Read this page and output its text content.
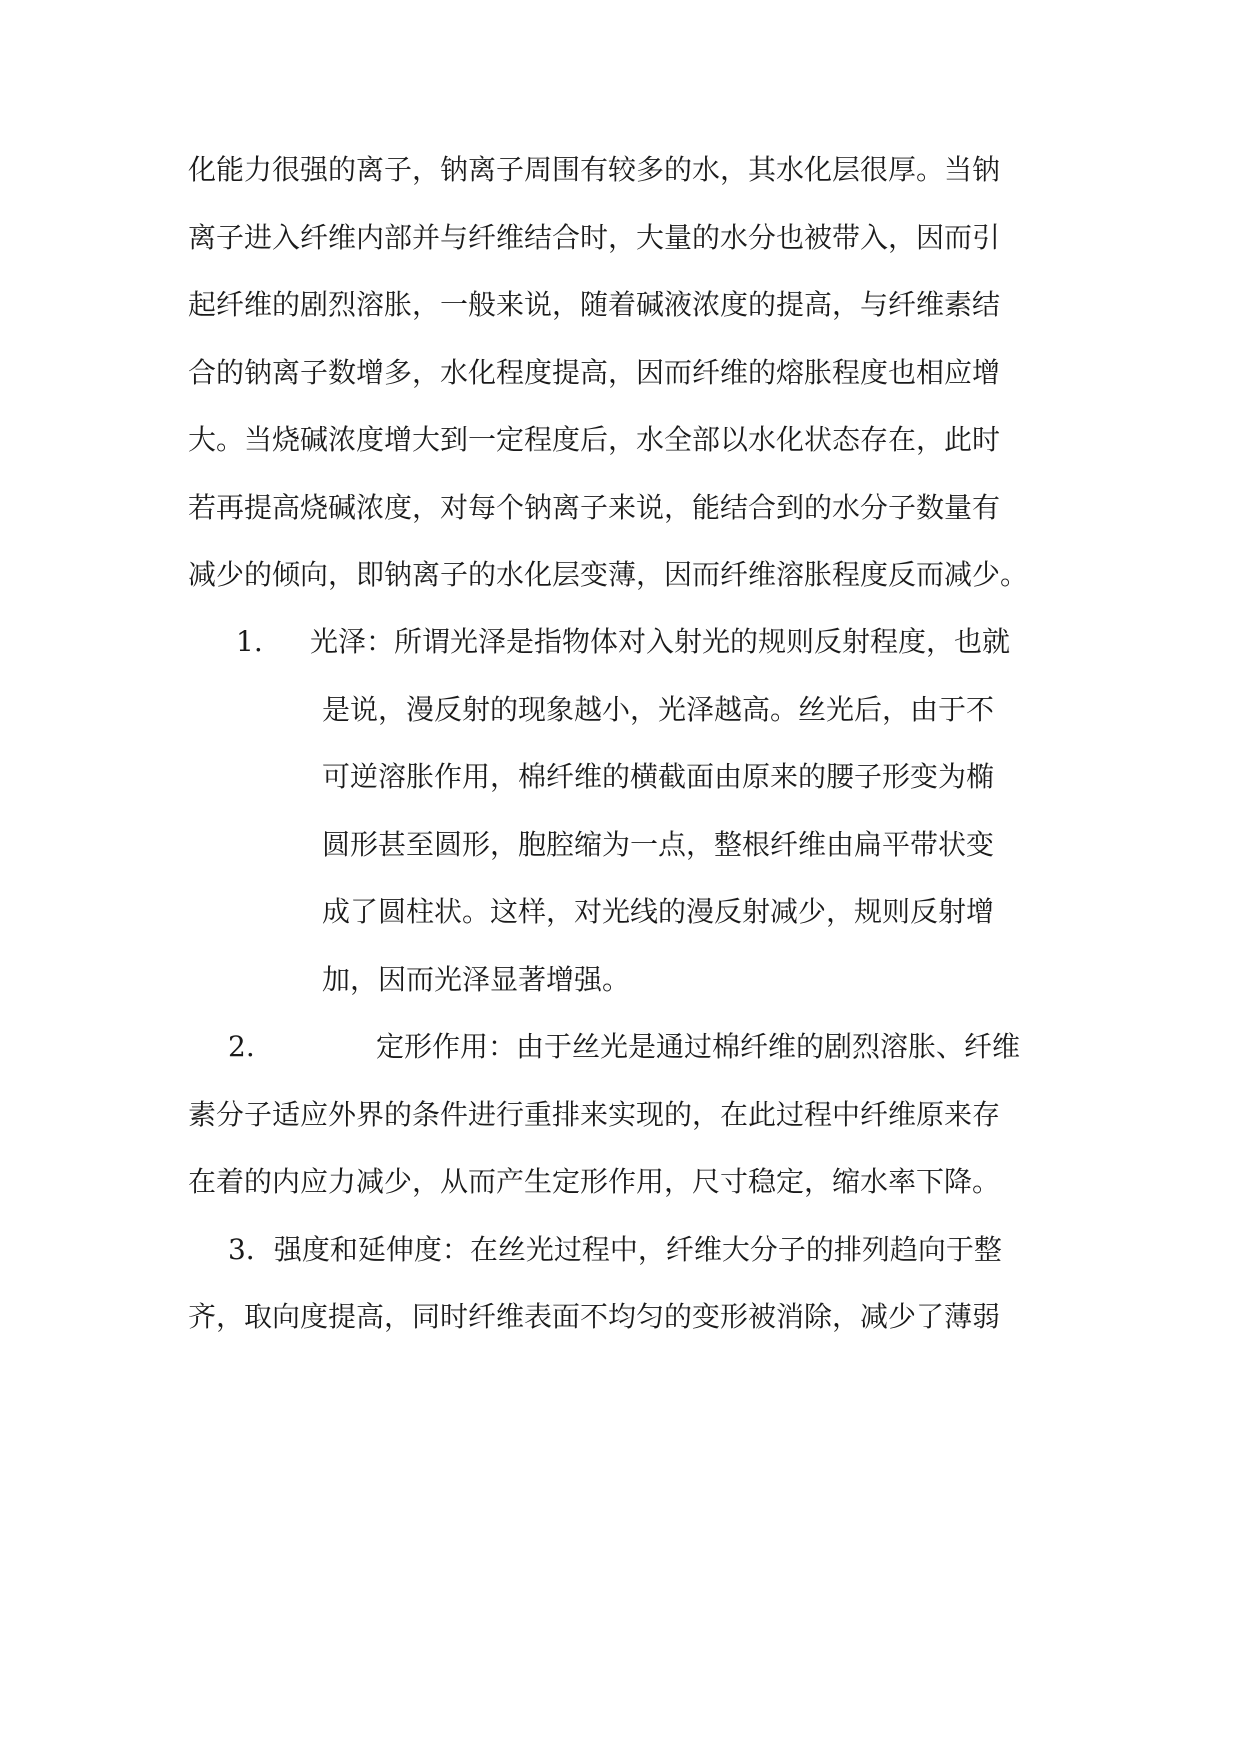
化能力很强的离子，钠离子周围有较多的水，其水化层很厚。当钠
离子进入纤维内部并与纤维结合时，大量的水分也被带入，因而引
起纤维的剧烈溶胀，一般来说，随着碱液浓度的提高，与纤维素结
合的钠离子数增多，水化程度提高，因而纤维的熔胀程度也相应增
大。当烧碱浓度增大到一定程度后，水全部以水化状态存在，此时
若再提高烧碱浓度，对每个钠离子来说，能结合到的水分子数量有
减少的倾向，即钠离子的水化层变薄，因而纤维溶胀程度反而减少。
1. 光泽：所谓光泽是指物体对入射光的规则反射程度，也就
是说，漫反射的现象越小，光泽越高。丝光后，由于不
可逆溶胀作用，棉纤维的横截面由原来的腰子形变为椭
圆形甚至圆形，胞腔缩为一点，整根纤维由扁平带状变
成了圆柱状。这样，对光线的漫反射减少，规则反射增
加，因而光泽显著增强。
2.	定形作用：由于丝光是通过棉纤维的剧烈溶胀、纤维
素分子适应外界的条件进行重排来实现的，在此过程中纤维原来存
在着的内应力减少，从而产生定形作用，尺寸稳定，缩水率下降。
3．强度和延伸度：在丝光过程中，纤维大分子的排列趋向于整
齐，取向度提高，同时纤维表面不均匀的变形被消除，减少了薄弱
